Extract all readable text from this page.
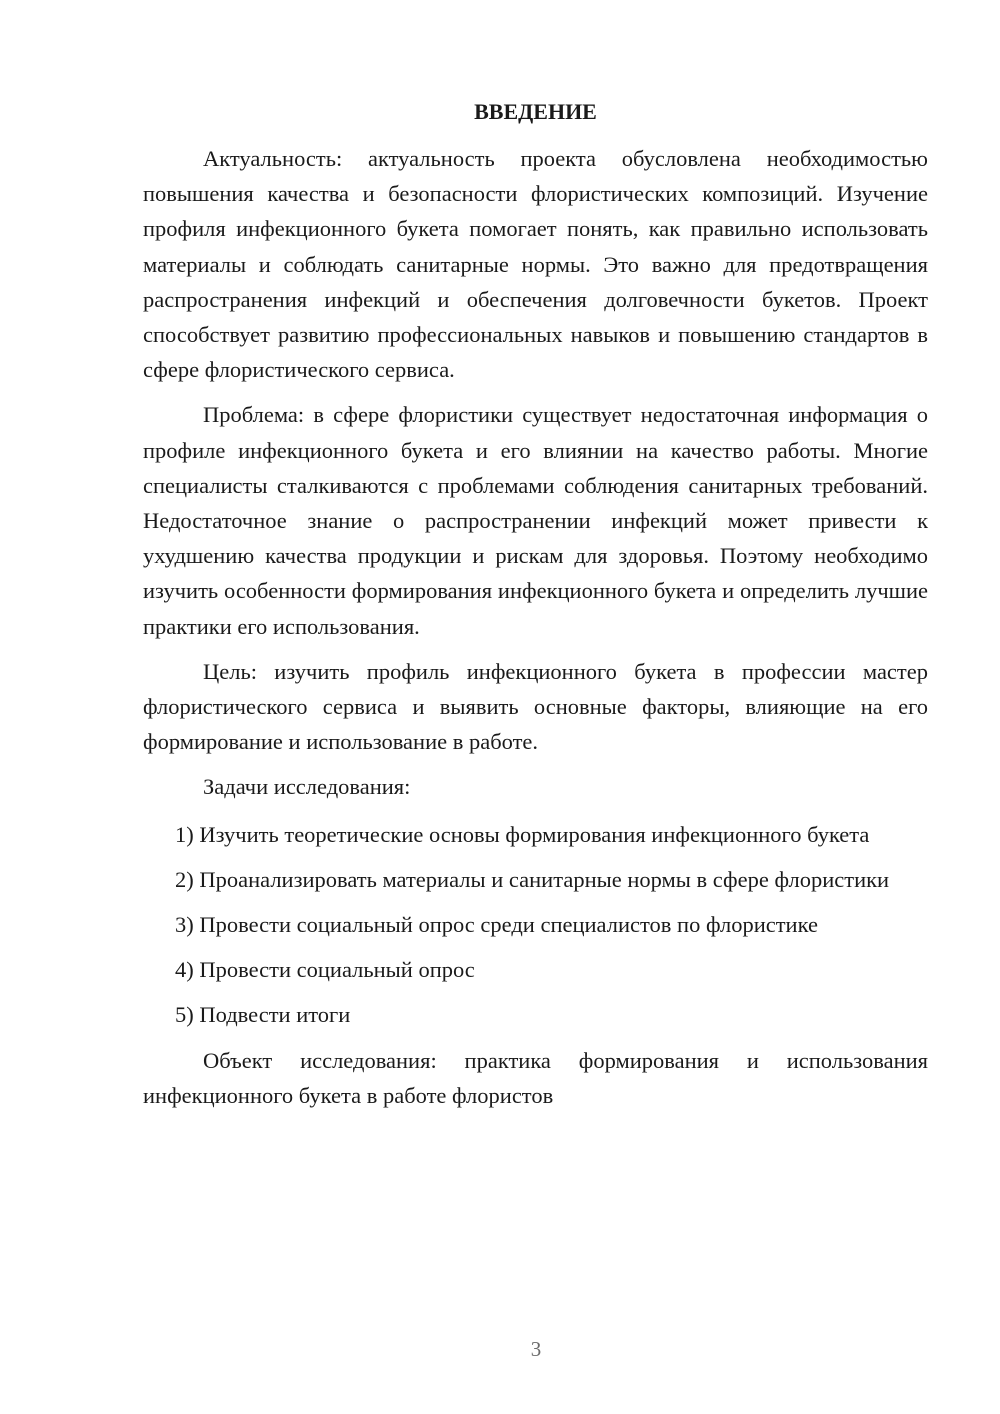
ВВЕДЕНИЕ

Актуальность: актуальность проекта обусловлена необходимостью повышения качества и безопасности флористических композиций. Изучение профиля инфекционного букета помогает понять, как правильно использовать материалы и соблюдать санитарные нормы. Это важно для предотвращения распространения инфекций и обеспечения долговечности букетов. Проект способствует развитию профессиональных навыков и повышению стандартов в сфере флористического сервиса.

Проблема: в сфере флористики существует недостаточная информация о профиле инфекционного букета и его влиянии на качество работы. Многие специалисты сталкиваются с проблемами соблюдения санитарных требований. Недостаточное знание о распространении инфекций может привести к ухудшению качества продукции и рискам для здоровья. Поэтому необходимо изучить особенности формирования инфекционного букета и определить лучшие практики его использования.

Цель: изучить профиль инфекционного букета в профессии мастер флористического сервиса и выявить основные факторы, влияющие на его формирование и использование в работе.

Задачи исследования:

1) Изучить теоретические основы формирования инфекционного букета

2) Проанализировать материалы и санитарные нормы в сфере флористики

3) Провести социальный опрос среди специалистов по флористике

4) Провести социальный опрос

5) Подвести итоги

Объект исследования: практика формирования и использования инфекционного букета в работе флористов

3
